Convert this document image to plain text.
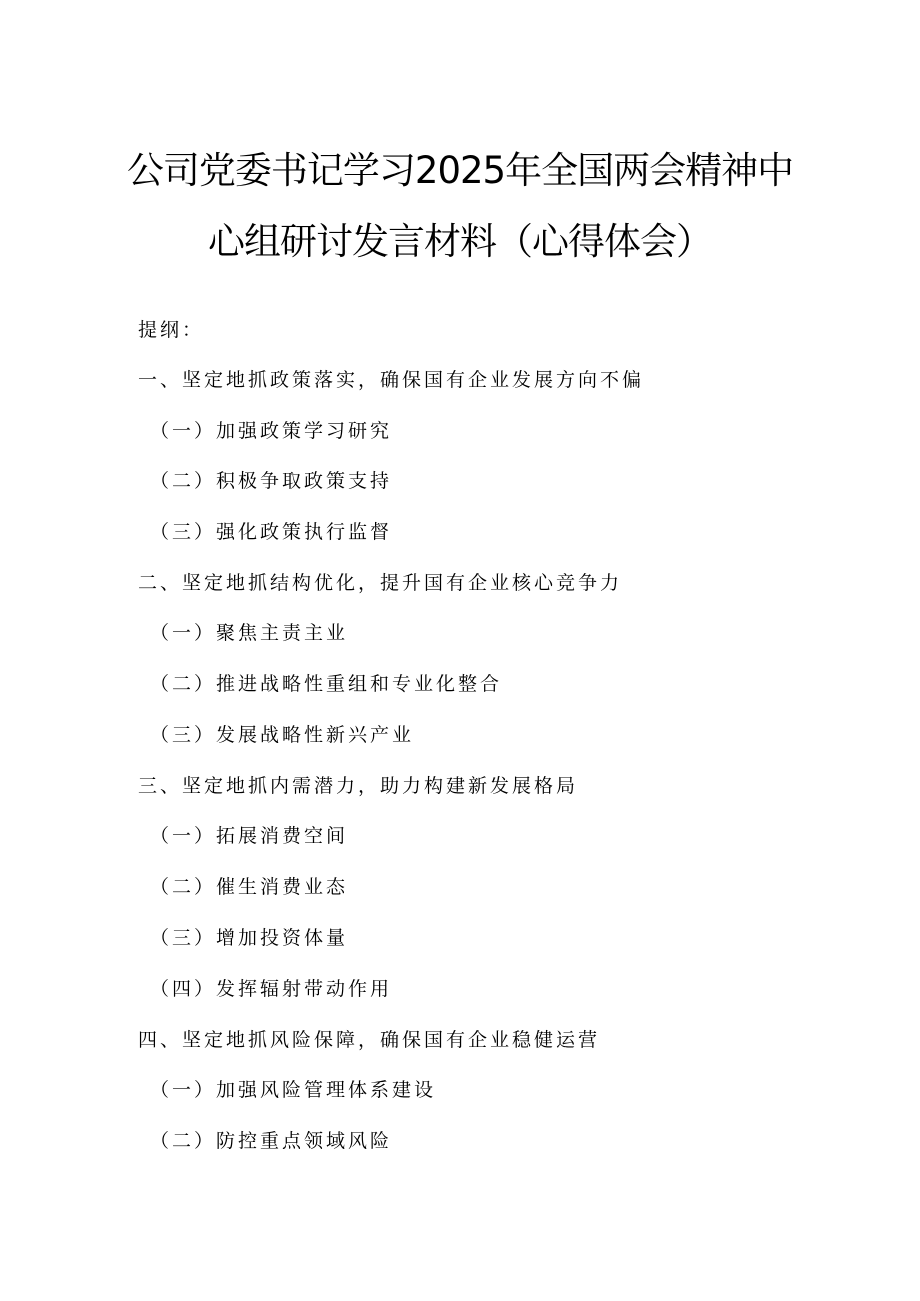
公司党委书记学习2025年全国两会精神中
心组研讨发言材料（心得体会）
提纲：
一、坚定地抓政策落实，确保国有企业发展方向不偏
（一）加强政策学习研究
（二）积极争取政策支持
（三）强化政策执行监督
二、坚定地抓结构优化，提升国有企业核心竞争力
（一）聚焦主责主业
（二）推进战略性重组和专业化整合
（三）发展战略性新兴产业
三、坚定地抓内需潜力，助力构建新发展格局
（一）拓展消费空间
（二）催生消费业态
（三）增加投资体量
（四）发挥辐射带动作用
四、坚定地抓风险保障，确保国有企业稳健运营
（一）加强风险管理体系建设
（二）防控重点领域风险
